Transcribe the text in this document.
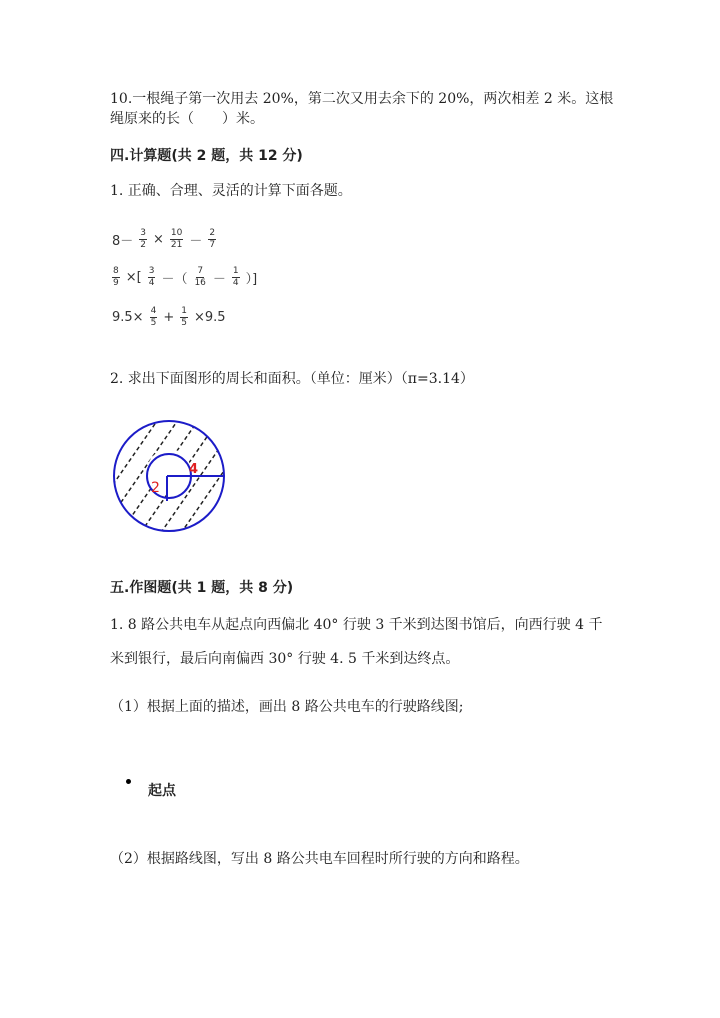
10.一根绳子第一次用去 20%，第二次又用去余下的 20%，两次相差 2 米。这根
绳原来的长（　　）米。
四.计算题(共 2 题，共 12 分)
1. 正确、合理、灵活的计算下面各题。
$8- \frac{3}{2} \times \frac{10}{21} - \frac{2}{7}$
$\frac{8}{9}$ ×[ $\frac{3}{4}$ －（ $\frac{7}{16} - \frac{1}{4}$ ）]
$9.5\times \frac{4}{5} + \frac{1}{5} \times 9.5$
2. 求出下面图形的周长和面积。（单位：厘米）（π=3.14）
2
4
五.作图题(共 1 题，共 8 分)
1. 8 路公共电车从起点向西偏北 40° 行驶 3 千米到达图书馆后，向西行驶 4 千
米到银行，最后向南偏西 30° 行驶 4. 5 千米到达终点。
（1）根据上面的描述，画出 8 路公共电车的行驶路线图;
起点
（2）根据路线图，写出 8 路公共电车回程时所行驶的方向和路程。
